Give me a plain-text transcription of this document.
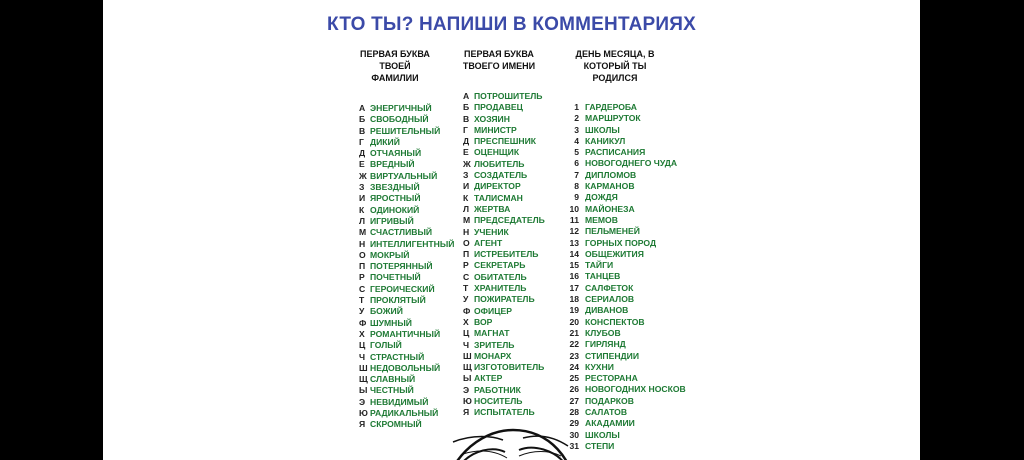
КТО ТЫ? НАПИШИ В КОММЕНТАРИЯХ
ПЕРВАЯ БУКВА
ТВОЕЙ ФАМИЛИИ
А ЭНЕРГИЧНЫЙ
Б СВОБОДНЫЙ
В РЕШИТЕЛЬНЫЙ
Г ДИКИЙ
Д ОТЧАЯНЫЙ
Е ВРЕДНЫЙ
Ж ВИРТУАЛЬНЫЙ
З ЗВЕЗДНЫЙ
И ЯРОСТНЫЙ
К ОДИНОКИЙ
Л ИГРИВЫЙ
М СЧАСТЛИВЫЙ
Н ИНТЕЛЛИГЕНТНЫЙ
О МОКРЫЙ
П ПОТЕРЯННЫЙ
Р ПОЧЕТНЫЙ
С ГЕРОИЧЕСКИЙ
Т ПРОКЛЯТЫЙ
У БОЖИЙ
Ф ШУМНЫЙ
Х РОМАНТИЧНЫЙ
Ц ГОЛЫЙ
Ч СТРАСТНЫЙ
Ш НЕДОВОЛЬНЫЙ
Щ СЛАВНЫЙ
Ы ЧЕСТНЫЙ
Э НЕВИДИМЫЙ
Ю РАДИКАЛЬНЫЙ
Я СКРОМНЫЙ
ПЕРВАЯ БУКВА
ТВОЕГО ИМЕНИ
А ПОТРОШИТЕЛЬ
Б ПРОДАВЕЦ
В ХОЗЯИН
Г МИНИСТР
Д ПРЕСПЕШНИК
Е ОЦЕНЩИК
Ж ЛЮБИТЕЛЬ
З СОЗДАТЕЛЬ
И ДИРЕКТОР
К ТАЛИСМАН
Л ЖЕРТВА
М ПРЕДСЕДАТЕЛЬ
Н УЧЕНИК
О АГЕНТ
П ИСТРЕБИТЕЛЬ
Р СЕКРЕТАРЬ
С ОБИТАТЕЛЬ
Т ХРАНИТЕЛЬ
У ПОЖИРАТЕЛЬ
Ф ОФИЦЕР
Х ВОР
Ц МАГНАТ
Ч ЗРИТЕЛЬ
Ш МОНАРХ
Щ ИЗГОТОВИТЕЛЬ
Ы АКТЕР
Э РАБОТНИК
Ю НОСИТЕЛЬ
Я ИСПЫТАТЕЛЬ
ДЕНЬ МЕСЯЦА, В
КОТОРЫЙ ТЫ РОДИЛСЯ
1 ГАРДЕРОБА
2 МАРШРУТОК
3 ШКОЛЫ
4 КАНИКУЛ
5 РАСПИСАНИЯ
6 НОВОГОДНЕГО ЧУДА
7 ДИПЛОМОВ
8 КАРМАНОВ
9 ДОЖДЯ
10 МАЙОНЕЗА
11 МЕМОВ
12 ПЕЛЬМЕНЕЙ
13 ГОРНЫХ ПОРОД
14 ОБЩЕЖИТИЯ
15 ТАЙГИ
16 ТАНЦЕВ
17 САЛФЕТОК
18 СЕРИАЛОВ
19 ДИВАНОВ
20 КОНСПЕКТОВ
21 КЛУБОВ
22 ГИРЛЯНД
23 СТИПЕНДИИ
24 КУХНИ
25 РЕСТОРАНА
26 НОВОГОДНИХ НОСКОВ
27 ПОДАРКОВ
28 САЛАТОВ
29 АКАДАМИИ
30 ШКОЛЫ
31 СТЕПИ
